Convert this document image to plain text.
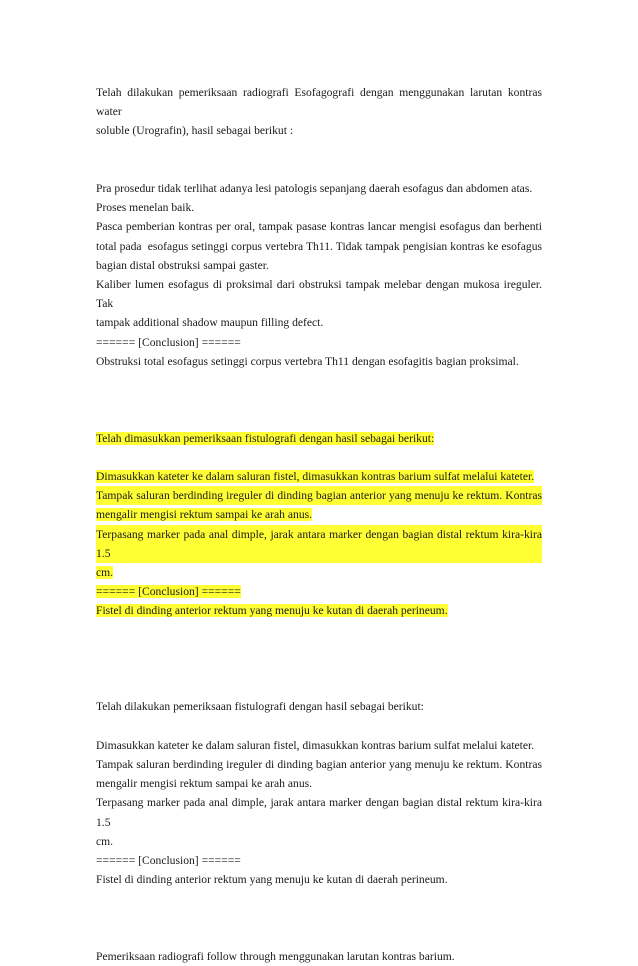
Telah dilakukan pemeriksaan radiografi Esofagografi dengan menggunakan larutan kontras water
soluble (Urografin), hasil sebagai berikut :
Pra prosedur tidak terlihat adanya lesi patologis sepanjang daerah esofagus dan abdomen atas.
Proses menelan baik.
Pasca pemberian kontras per oral, tampak pasase kontras lancar mengisi esofagus dan berhenti
total pada  esofagus setinggi corpus vertebra Th11. Tidak tampak pengisian kontras ke esofagus
bagian distal obstruksi sampai gaster.
Kaliber lumen esofagus di proksimal dari obstruksi tampak melebar dengan mukosa ireguler. Tak
tampak additional shadow maupun filling defect.
====== [Conclusion] ======
Obstruksi total esofagus setinggi corpus vertebra Th11 dengan esofagitis bagian proksimal.
Telah dimasukkan pemeriksaan fistulografi dengan hasil sebagai berikut:
Dimasukkan kateter ke dalam saluran fistel, dimasukkan kontras barium sulfat melalui kateter.
Tampak saluran berdinding ireguler di dinding bagian anterior yang menuju ke rektum. Kontras
mengalir mengisi rektum sampai ke arah anus.
Terpasang marker pada anal dimple, jarak antara marker dengan bagian distal rektum kira-kira 1.5
cm.
====== [Conclusion] ======
Fistel di dinding anterior rektum yang menuju ke kutan di daerah perineum.
Telah dilakukan pemeriksaan fistulografi dengan hasil sebagai berikut:
Dimasukkan kateter ke dalam saluran fistel, dimasukkan kontras barium sulfat melalui kateter.
Tampak saluran berdinding ireguler di dinding bagian anterior yang menuju ke rektum. Kontras
mengalir mengisi rektum sampai ke arah anus.
Terpasang marker pada anal dimple, jarak antara marker dengan bagian distal rektum kira-kira 1.5
cm.
====== [Conclusion] ======
Fistel di dinding anterior rektum yang menuju ke kutan di daerah perineum.
Pemeriksaan radiografi follow through menggunakan larutan kontras barium.
